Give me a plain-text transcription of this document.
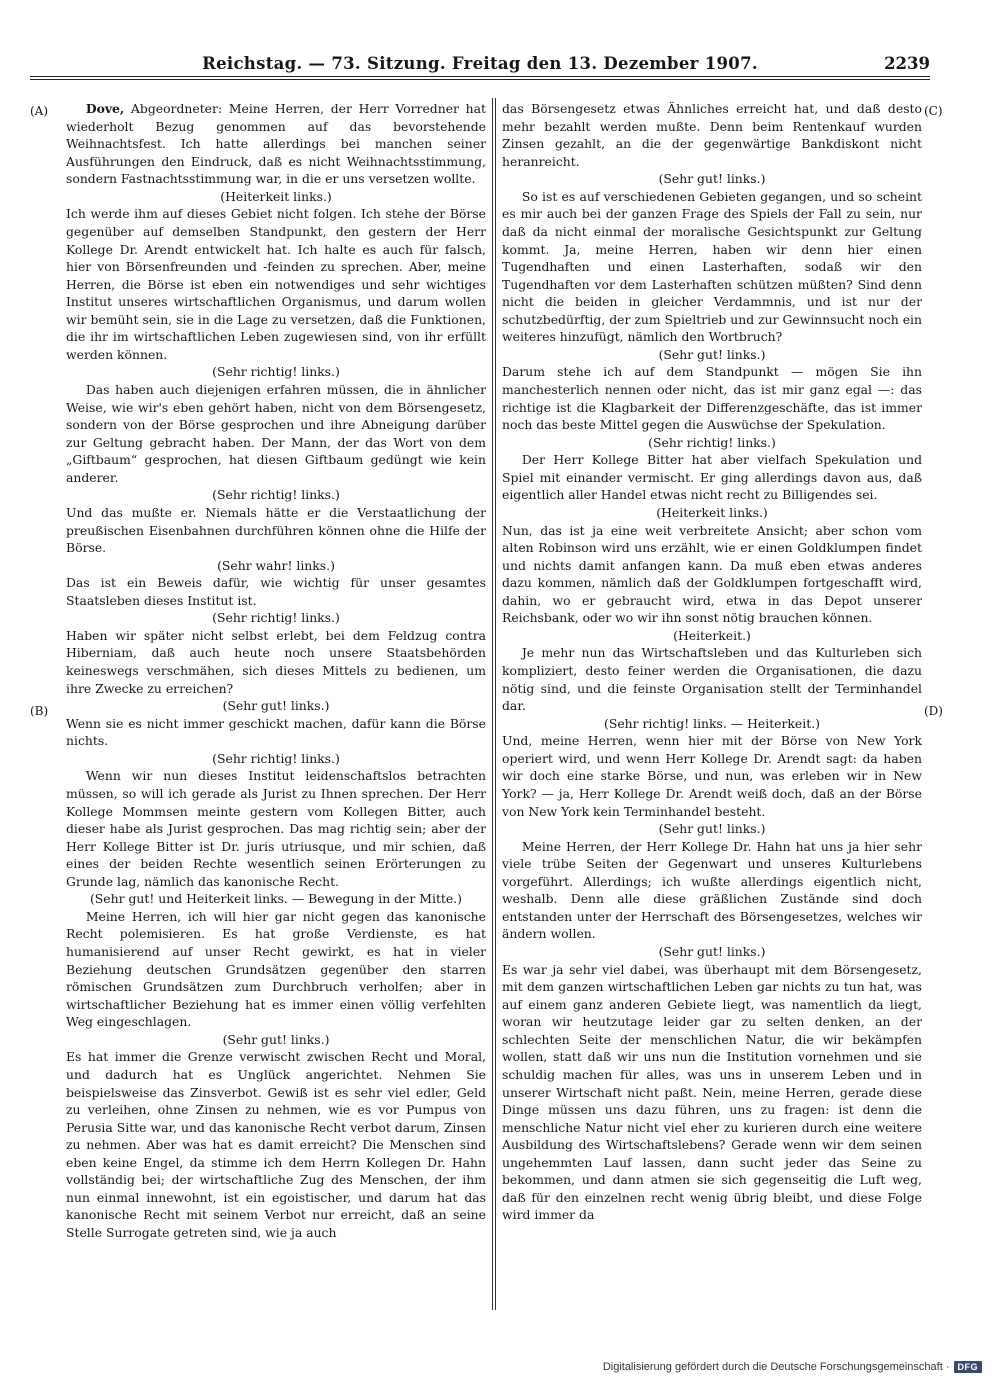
Reichstag. — 73. Sitzung. Freitag den 13. Dezember 1907.	2239
(A)
(B)
(C)
(D)

Dove, Abgeordneter: Meine Herren, der Herr Vorredner hat wiederholt Bezug genommen auf das bevorstehende Weihnachtsfest. Ich hatte allerdings bei manchen seiner Ausführungen den Eindruck, daß es nicht Weihnachtsstimmung, sondern Fastnachtsstimmung war, in die er uns versetzen wollte.

(Heiterkeit links.)

Ich werde ihm auf dieses Gebiet nicht folgen. Ich stehe der Börse gegenüber auf demselben Standpunkt, den gestern der Herr Kollege Dr. Arendt entwickelt hat. Ich halte es auch für falsch, hier von Börsenfreunden und -feinden zu sprechen. Aber, meine Herren, die Börse ist eben ein notwendiges und sehr wichtiges Institut unseres wirtschaftlichen Organismus, und darum wollen wir bemüht sein, sie in die Lage zu versetzen, daß die Funktionen, die ihr im wirtschaftlichen Leben zugewiesen sind, von ihr erfüllt werden können.

(Sehr richtig! links.)

Das haben auch diejenigen erfahren müssen, die in ähnlicher Weise, wie wir's eben gehört haben, nicht von dem Börsengesetz, sondern von der Börse gesprochen und ihre Abneigung darüber zur Geltung gebracht haben. Der Mann, der das Wort von dem „Giftbaum“ gesprochen, hat diesen Giftbaum gedüngt wie kein anderer.

(Sehr richtig! links.)

Und das mußte er. Niemals hätte er die Verstaatlichung der preußischen Eisenbahnen durchführen können ohne die Hilfe der Börse.

(Sehr wahr! links.)

Das ist ein Beweis dafür, wie wichtig für unser gesamtes Staatsleben dieses Institut ist.

(Sehr richtig! links.)

Haben wir später nicht selbst erlebt, bei dem Feldzug contra Hiberniam, daß auch heute noch unsere Staatsbehörden keineswegs verschmähen, sich dieses Mittels zu bedienen, um ihre Zwecke zu erreichen?

(Sehr gut! links.)

Wenn sie es nicht immer geschickt machen, dafür kann die Börse nichts.

(Sehr richtig! links.)

Wenn wir nun dieses Institut leidenschaftslos betrachten müssen, so will ich gerade als Jurist zu Ihnen sprechen. Der Herr Kollege Mommsen meinte gestern vom Kollegen Bitter, auch dieser habe als Jurist gesprochen. Das mag richtig sein; aber der Herr Kollege Bitter ist Dr. juris utriusque, und mir schien, daß eines der beiden Rechte wesentlich seinen Erörterungen zu Grunde lag, nämlich das kanonische Recht.

(Sehr gut! und Heiterkeit links. — Bewegung in der Mitte.)

Meine Herren, ich will hier gar nicht gegen das kanonische Recht polemisieren. Es hat große Verdienste, es hat humanisierend auf unser Recht gewirkt, es hat in vieler Beziehung deutschen Grundsätzen gegenüber den starren römischen Grundsätzen zum Durchbruch verholfen; aber in wirtschaftlicher Beziehung hat es immer einen völlig verfehlten Weg eingeschlagen.

(Sehr gut! links.)

Es hat immer die Grenze verwischt zwischen Recht und Moral, und dadurch hat es Unglück angerichtet. Nehmen Sie beispielsweise das Zinsverbot. Gewiß ist es sehr viel edler, Geld zu verleihen, ohne Zinsen zu nehmen, wie es vor Pumpus von Perusia Sitte war, und das kanonische Recht verbot darum, Zinsen zu nehmen. Aber was hat es damit erreicht? Die Menschen sind eben keine Engel, da stimme ich dem Herrn Kollegen Dr. Hahn vollständig bei; der wirtschaftliche Zug des Menschen, der ihm nun einmal innewohnt, ist ein egoistischer, und darum hat das kanonische Recht mit seinem Verbot nur erreicht, daß an seine Stelle Surrogate getreten sind, wie ja auch

das Börsengesetz etwas Ähnliches erreicht hat, und daß desto mehr bezahlt werden mußte. Denn beim Rentenkauf wurden Zinsen gezahlt, an die der gegenwärtige Bankdiskont nicht heranreicht.

(Sehr gut! links.)

So ist es auf verschiedenen Gebieten gegangen, und so scheint es mir auch bei der ganzen Frage des Spiels der Fall zu sein, nur daß da nicht einmal der moralische Gesichtspunkt zur Geltung kommt. Ja, meine Herren, haben wir denn hier einen Tugendhaften und einen Lasterhaften, sodaß wir den Tugendhaften vor dem Lasterhaften schützen müßten? Sind denn nicht die beiden in gleicher Verdammnis, und ist nur der schutzbedürftig, der zum Spieltrieb und zur Gewinnsucht noch ein weiteres hinzufügt, nämlich den Wortbruch?

(Sehr gut! links.)

Darum stehe ich auf dem Standpunkt — mögen Sie ihn manchesterlich nennen oder nicht, das ist mir ganz egal —: das richtige ist die Klagbarkeit der Differenzgeschäfte, das ist immer noch das beste Mittel gegen die Auswüchse der Spekulation.

(Sehr richtig! links.)

Der Herr Kollege Bitter hat aber vielfach Spekulation und Spiel mit einander vermischt. Er ging allerdings davon aus, daß eigentlich aller Handel etwas nicht recht zu Billigendes sei.

(Heiterkeit links.)

Nun, das ist ja eine weit verbreitete Ansicht; aber schon vom alten Robinson wird uns erzählt, wie er einen Goldklumpen findet und nichts damit anfangen kann. Da muß eben etwas anderes dazu kommen, nämlich daß der Goldklumpen fortgeschafft wird, dahin, wo er gebraucht wird, etwa in das Depot unserer Reichsbank, oder wo wir ihn sonst nötig brauchen können.

(Heiterkeit.)

Je mehr nun das Wirtschaftsleben und das Kulturleben sich kompliziert, desto feiner werden die Organisationen, die dazu nötig sind, und die feinste Organisation stellt der Terminhandel dar.

(Sehr richtig! links. — Heiterkeit.)

Und, meine Herren, wenn hier mit der Börse von New York operiert wird, und wenn Herr Kollege Dr. Arendt sagt: da haben wir doch eine starke Börse, und nun, was erleben wir in New York? — ja, Herr Kollege Dr. Arendt weiß doch, daß an der Börse von New York kein Terminhandel besteht.

(Sehr gut! links.)

Meine Herren, der Herr Kollege Dr. Hahn hat uns ja hier sehr viele trübe Seiten der Gegenwart und unseres Kulturlebens vorgeführt. Allerdings; ich wußte allerdings eigentlich nicht, weshalb. Denn alle diese gräßlichen Zustände sind doch entstanden unter der Herrschaft des Börsengesetzes, welches wir ändern wollen.

(Sehr gut! links.)

Es war ja sehr viel dabei, was überhaupt mit dem Börsengesetz, mit dem ganzen wirtschaftlichen Leben gar nichts zu tun hat, was auf einem ganz anderen Gebiete liegt, was namentlich da liegt, woran wir heutzutage leider gar zu selten denken, an der schlechten Seite der menschlichen Natur, die wir bekämpfen wollen, statt daß wir uns nun die Institution vornehmen und sie schuldig machen für alles, was uns in unserem Leben und in unserer Wirtschaft nicht paßt. Nein, meine Herren, gerade diese Dinge müssen uns dazu führen, uns zu fragen: ist denn die menschliche Natur nicht viel eher zu kurieren durch eine weitere Ausbildung des Wirtschaftslebens? Gerade wenn wir dem seinen ungehemmten Lauf lassen, dann sucht jeder das Seine zu bekommen, und dann atmen sie sich gegenseitig die Luft weg, daß für den einzelnen recht wenig übrig bleibt, und diese Folge wird immer da

Digitalisierung gefördert durch die Deutsche Forschungsgemeinschaft · DFG
